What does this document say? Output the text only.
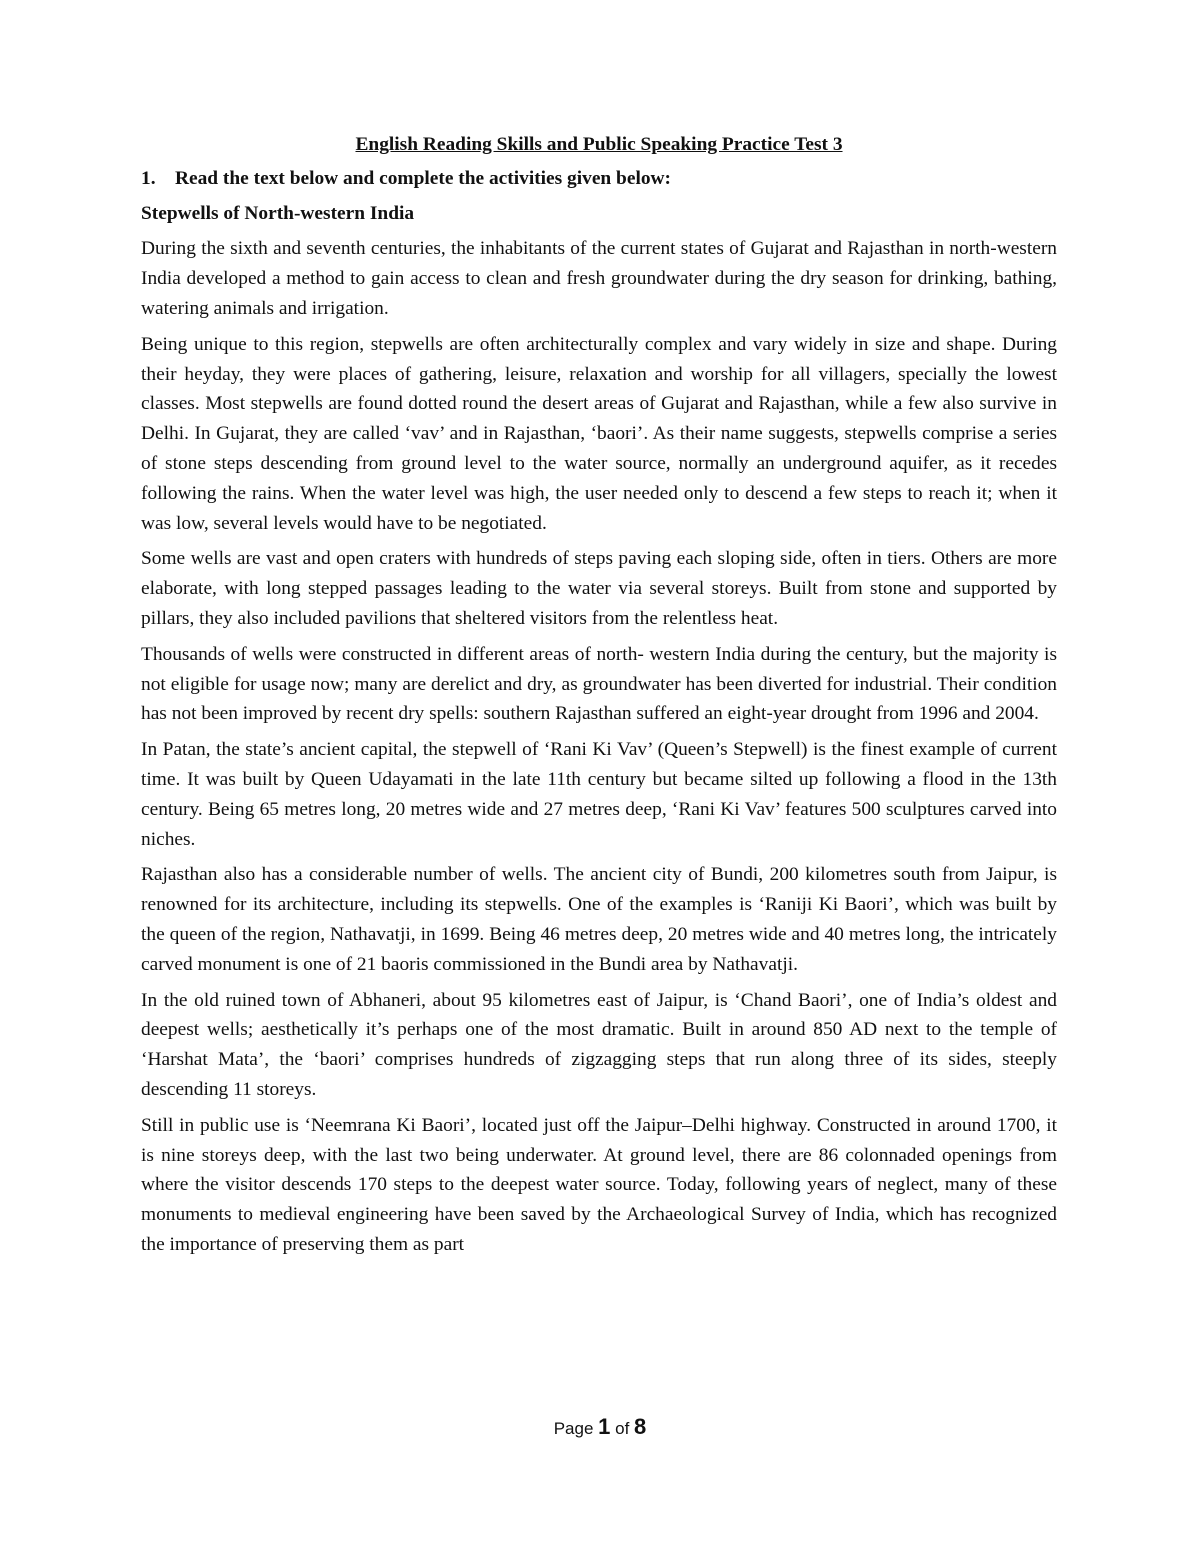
English Reading Skills and Public Speaking Practice Test 3
1. Read the text below and complete the activities given below:
Stepwells of North-western India

During the sixth and seventh centuries, the inhabitants of the current states of Gujarat and Rajasthan in north-western India developed a method to gain access to clean and fresh groundwater during the dry season for drinking, bathing, watering animals and irrigation.

Being unique to this region, stepwells are often architecturally complex and vary widely in size and shape. During their heyday, they were places of gathering, leisure, relaxation and worship for all villagers, specially the lowest classes. Most stepwells are found dotted round the desert areas of Gujarat and Rajasthan, while a few also survive in Delhi. In Gujarat, they are called ‘vav’ and in Rajasthan, ‘baori’. As their name suggests, stepwells comprise a series of stone steps descending from ground level to the water source, normally an underground aquifer, as it recedes following the rains. When the water level was high, the user needed only to descend a few steps to reach it; when it was low, several levels would have to be negotiated.

Some wells are vast and open craters with hundreds of steps paving each sloping side, often in tiers. Others are more elaborate, with long stepped passages leading to the water via several storeys. Built from stone and supported by pillars, they also included pavilions that sheltered visitors from the relentless heat.

Thousands of wells were constructed in different areas of north- western India during the century, but the majority is not eligible for usage now; many are derelict and dry, as groundwater has been diverted for industrial. Their condition has not been improved by recent dry spells: southern Rajasthan suffered an eight-year drought from 1996 and 2004.

In Patan, the state’s ancient capital, the stepwell of ‘Rani Ki Vav’ (Queen’s Stepwell) is the finest example of current time. It was built by Queen Udayamati in the late 11th century but became silted up following a flood in the 13th century. Being 65 metres long, 20 metres wide and 27 metres deep, ‘Rani Ki Vav’ features 500 sculptures carved into niches.

Rajasthan also has a considerable number of wells. The ancient city of Bundi, 200 kilometres south from Jaipur, is renowned for its architecture, including its stepwells. One of the examples is ‘Raniji Ki Baori’, which was built by the queen of the region, Nathavatji, in 1699. Being 46 metres deep, 20 metres wide and 40 metres long, the intricately carved monument is one of 21 baoris commissioned in the Bundi area by Nathavatji.

In the old ruined town of Abhaneri, about 95 kilometres east of Jaipur, is ‘Chand Baori’, one of India’s oldest and deepest wells; aesthetically it’s perhaps one of the most dramatic. Built in around 850 AD next to the temple of ‘Harshat Mata’, the ‘baori’ comprises hundreds of zigzagging steps that run along three of its sides, steeply descending 11 storeys.

Still in public use is ‘Neemrana Ki Baori’, located just off the Jaipur–Delhi highway. Constructed in around 1700, it is nine storeys deep, with the last two being underwater. At ground level, there are 86 colonnaded openings from where the visitor descends 170 steps to the deepest water source. Today, following years of neglect, many of these monuments to medieval engineering have been saved by the Archaeological Survey of India, which has recognized the importance of preserving them as part

Page 1 of 8
